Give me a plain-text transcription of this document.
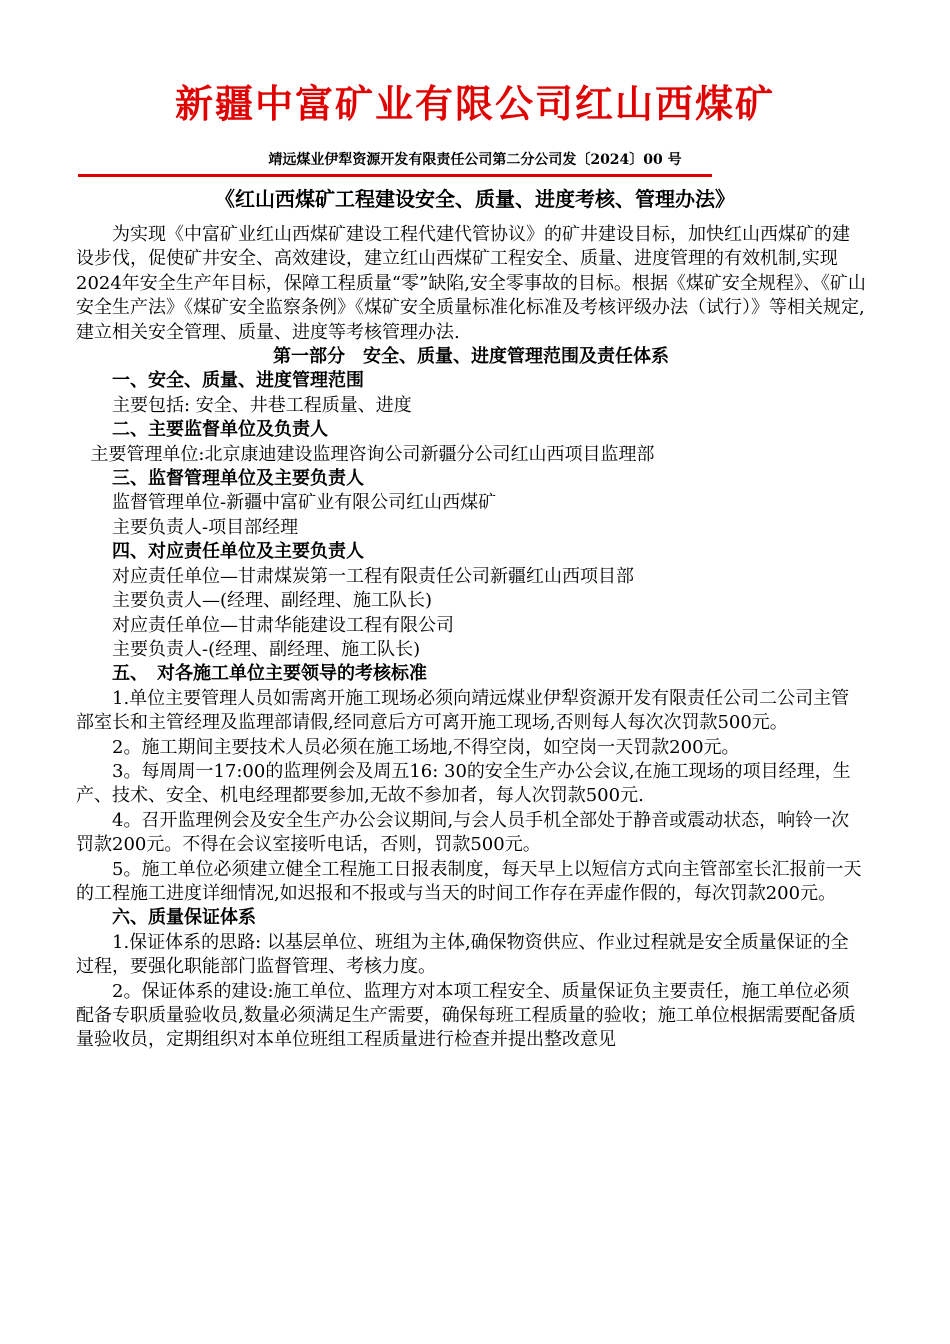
新疆中富矿业有限公司红山西煤矿
靖远煤业伊犁资源开发有限责任公司第二分公司发〔2024〕00 号
《红山西煤矿工程建设安全、质量、进度考核、管理办法》

为实现《中富矿业红山西煤矿建设工程代建代管协议》的矿井建设目标，加快红山西煤矿的建设步伐，促使矿井安全、高效建设，建立红山西煤矿工程安全、质量、进度管理的有效机制,实现2024年安全生产年目标，保障工程质量“零”缺陷,安全零事故的目标。根据《煤矿安全规程》、《矿山安全生产法》《煤矿安全监察条例》《煤矿安全质量标准化标准及考核评级办法（试行）》等相关规定,建立相关安全管理、质量、进度等考核管理办法.

第一部分　安全、质量、进度管理范围及责任体系

一、安全、质量、进度管理范围

主要包括: 安全、井巷工程质量、进度

二、主要监督单位及负责人

主要管理单位:北京康迪建设监理咨询公司新疆分公司红山西项目监理部

三、监督管理单位及主要负责人

监督管理单位-新疆中富矿业有限公司红山西煤矿

主要负责人-项目部经理

四、对应责任单位及主要负责人

对应责任单位—甘肃煤炭第一工程有限责任公司新疆红山西项目部

主要负责人—(经理、副经理、施工队长)

对应责任单位—甘肃华能建设工程有限公司

主要负责人-(经理、副经理、施工队长)

五、　对各施工单位主要领导的考核标准

1.单位主要管理人员如需离开施工现场必须向靖远煤业伊犁资源开发有限责任公司二公司主管部室长和主管经理及监理部请假,经同意后方可离开施工现场,否则每人每次次罚款500元。

2。施工期间主要技术人员必须在施工场地,不得空岗，如空岗一天罚款200元。

3。每周周一17:00的监理例会及周五16: 30的安全生产办公会议,在施工现场的项目经理，生产、技术、安全、机电经理都要参加,无故不参加者，每人次罚款500元.

4。召开监理例会及安全生产办公会议期间,与会人员手机全部处于静音或震动状态，响铃一次罚款200元。不得在会议室接听电话，否则，罚款500元。

5。施工单位必须建立健全工程施工日报表制度，每天早上以短信方式向主管部室长汇报前一天的工程施工进度详细情况,如迟报和不报或与当天的时间工作存在弄虚作假的，每次罚款200元。

六、质量保证体系

1.保证体系的思路: 以基层单位、班组为主体,确保物资供应、作业过程就是安全质量保证的全过程，要强化职能部门监督管理、考核力度。

2。保证体系的建设:施工单位、监理方对本项工程安全、质量保证负主要责任，施工单位必须配备专职质量验收员,数量必须满足生产需要，确保每班工程质量的验收；施工单位根据需要配备质量验收员，定期组织对本单位班组工程质量进行检查并提出整改意见
